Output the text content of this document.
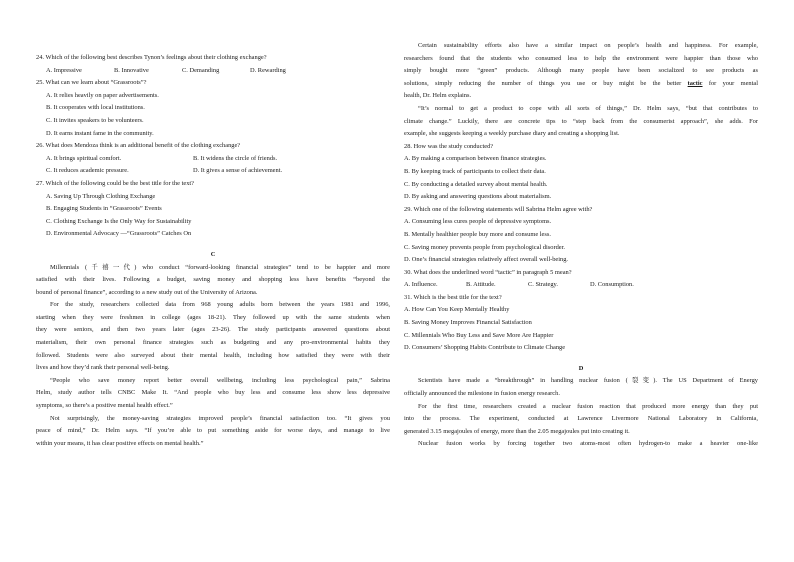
24. Which of the following best describes Tynon’s feelings about their clothing exchange?
A. Impressive	B. Innovative	C. Demanding	D. Rewarding
25. What can we learn about “Grassroots”?
A. It relies heavily on paper advertisements.
B. It cooperates with local institutions.
C. It invites speakers to be volunteers.
D. It earns instant fame in the community.
26. What does Mendoza think is an additional benefit of the clothing exchange?
A. It brings spiritual comfort.	B. It widens the circle of friends.
C. It reduces academic pressure.	D. It gives a sense of achievement.
27. Which of the following could be the best title for the text?
A. Saving Up Through Clothing Exchange
B. Engaging Students in “Grassroots” Events
C. Clothing Exchange Is the Only Way for Sustainability
D. Environmental Advocacy —“Grassroots” Catches On
C

Millennials (千禧一代) who conduct “forward-looking financial strategies” tend to be happier and more
satisfied with their lives. Following a budget, saving money and shopping less have benefits “beyond the
bound of personal finance”, according to a new study out of the University of Arizona.

For the study, researchers collected data from 968 young adults born between the years 1981 and 1996,
starting when they were freshmen in college (ages 18-21). They followed up with the same students when
they were seniors, and then two years later (ages 23-26). The study participants answered questions about
materialism, their own personal finance strategies such as budgeting and any pro-environmental habits they
followed. Students were also surveyed about their mental health, including how satisfied they were with their
lives and how they’d rank their personal well-being.

“People who save money report better overall wellbeing, including less psychological pain,” Sabrina
Helm, study author tells CNBC Make It. “And people who buy less and consume less show less depressive
symptoms, so there’s a positive mental health effect.”

Not surprisingly, the money-saving strategies improved people’s financial satisfaction too. “It gives you
peace of mind,” Dr. Helm says. “If you’re able to put something aside for worse days, and manage to live
within your means, it has clear positive effects on mental health.”

Certain sustainability efforts also have a similar impact on people’s health and happiness. For example,
researchers found that the students who consumed less to help the environment were happier than those who
simply bought more “green” products. Although many people have been socialized to see products as
solutions, simply reducing the number of things you use or buy might be the better tactic for your mental
health, Dr. Helm explains.

“It’s normal to get a product to cope with all sorts of things,” Dr. Helm says, “but that contributes to
climate change.” Luckily, there are concrete tips to “step back from the consumerist approach”, she adds. For
example, she suggests keeping a weekly purchase diary and creating a shopping list.

28. How was the study conducted?
A. By making a comparison between finance strategies.
B. By keeping track of participants to collect their data.
C. By conducting a detailed survey about mental health.
D. By asking and answering questions about materialism.
29. Which one of the following statements will Sabrina Helm agree with?
A. Consuming less cures people of depressive symptoms.
B. Mentally healthier people buy more and consume less.
C. Saving money prevents people from psychological disorder.
D. One’s financial strategies relatively affect overall well-being.
30. What does the underlined word “tactic” in paragraph 5 mean?
A. Influence.	B. Attitude.	C. Strategy.	D. Consumption.
31. Which is the best title for the text?
A. How Can You Keep Mentally Healthy
B. Saving Money Improves Financial Satisfaction
C. Millennials Who Buy Less and Save More Are Happier
D. Consumers’ Shopping Habits Contribute to Climate Change
D

Scientists have made a “breakthrough” in handling nuclear fusion (裂变). The US Department of Energy
officially announced the milestone in fusion energy research.

For the first time, researchers created a nuclear fusion reaction that produced more energy than they put
into the process. The experiment, conducted at Lawrence Livermore National Laboratory in California,
generated 3.15 megajoules of energy, more than the 2.05 megajoules put into creating it.

Nuclear fusion works by forcing together two atoms-most often hydrogen-to make a heavier one-like
